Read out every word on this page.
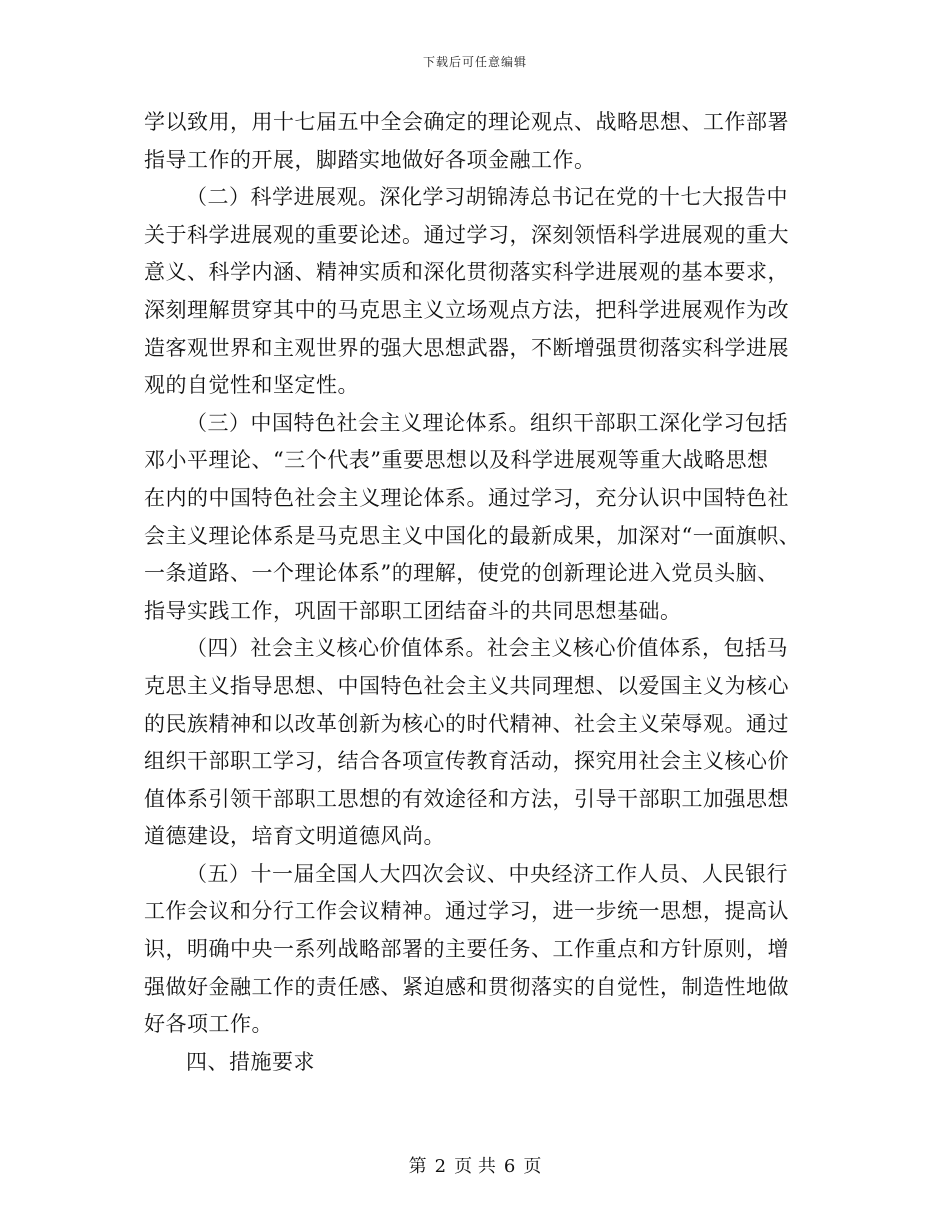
下载后可任意编辑
学以致用，用十七届五中全会确定的理论观点、战略思想、工作部署
指导工作的开展，脚踏实地做好各项金融工作。
（二）科学进展观。深化学习胡锦涛总书记在党的十七大报告中
关于科学进展观的重要论述。通过学习，深刻领悟科学进展观的重大
意义、科学内涵、精神实质和深化贯彻落实科学进展观的基本要求，
深刻理解贯穿其中的马克思主义立场观点方法，把科学进展观作为改
造客观世界和主观世界的强大思想武器，不断增强贯彻落实科学进展
观的自觉性和坚定性。
（三）中国特色社会主义理论体系。组织干部职工深化学习包括
邓小平理论、“三个代表”重要思想以及科学进展观等重大战略思想
在内的中国特色社会主义理论体系。通过学习，充分认识中国特色社
会主义理论体系是马克思主义中国化的最新成果，加深对“一面旗帜、
一条道路、一个理论体系”的理解，使党的创新理论进入党员头脑、
指导实践工作，巩固干部职工团结奋斗的共同思想基础。
（四）社会主义核心价值体系。社会主义核心价值体系，包括马
克思主义指导思想、中国特色社会主义共同理想、以爱国主义为核心
的民族精神和以改革创新为核心的时代精神、社会主义荣辱观。通过
组织干部职工学习，结合各项宣传教育活动，探究用社会主义核心价
值体系引领干部职工思想的有效途径和方法，引导干部职工加强思想
道德建设，培育文明道德风尚。
（五）十一届全国人大四次会议、中央经济工作人员、人民银行
工作会议和分行工作会议精神。通过学习，进一步统一思想，提高认
识，明确中央一系列战略部署的主要任务、工作重点和方针原则，增
强做好金融工作的责任感、紧迫感和贯彻落实的自觉性，制造性地做
好各项工作。
四、措施要求
第 2 页 共 6 页
